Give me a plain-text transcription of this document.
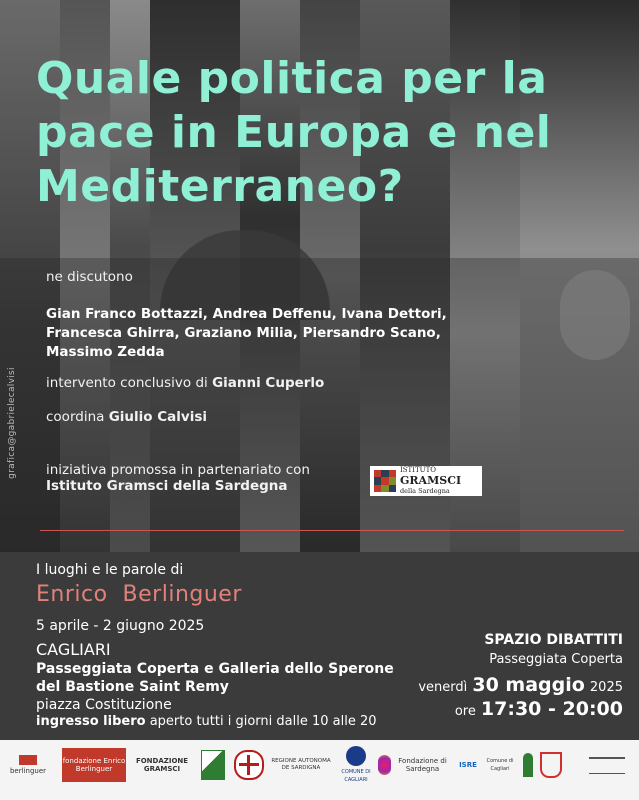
Quale politica per la
pace in Europa e nel
Mediterraneo?
ne discutono
Gian Franco Bottazzi, Andrea Deffenu, Ivana Dettori,
Francesca Ghirra, Graziano Milia, Piersandro Scano,
Massimo Zedda
intervento conclusivo di Gianni Cuperlo
coordina Giulio Calvisi
iniziativa promossa in partenariato con
Istituto Gramsci della Sardegna
ISTITUTO
GRAMSCI
della Sardegna
grafica@gabrielecalvisi
I luoghi e le parole di
Enrico  Berlinguer
5 aprile - 2 giugno 2025
CAGLIARI
Passeggiata Coperta e Galleria dello Sperone
del Bastione Saint Remy
piazza Costituzione
ingresso libero aperto tutti i giorni dalle 10 alle 20
SPAZIO DIBATTITI
Passeggiata Coperta
venerdì 30 maggio 2025
ore 17:30 - 20:00
berlinguer
fondazione Enrico Berlinguer
FONDAZIONE GRAMSCI
REGIONE AUTONOMA DE SARDIGNA
COMUNE DI CAGLIARI
Fondazione di Sardegna	ISRE Comune di Cagliari
